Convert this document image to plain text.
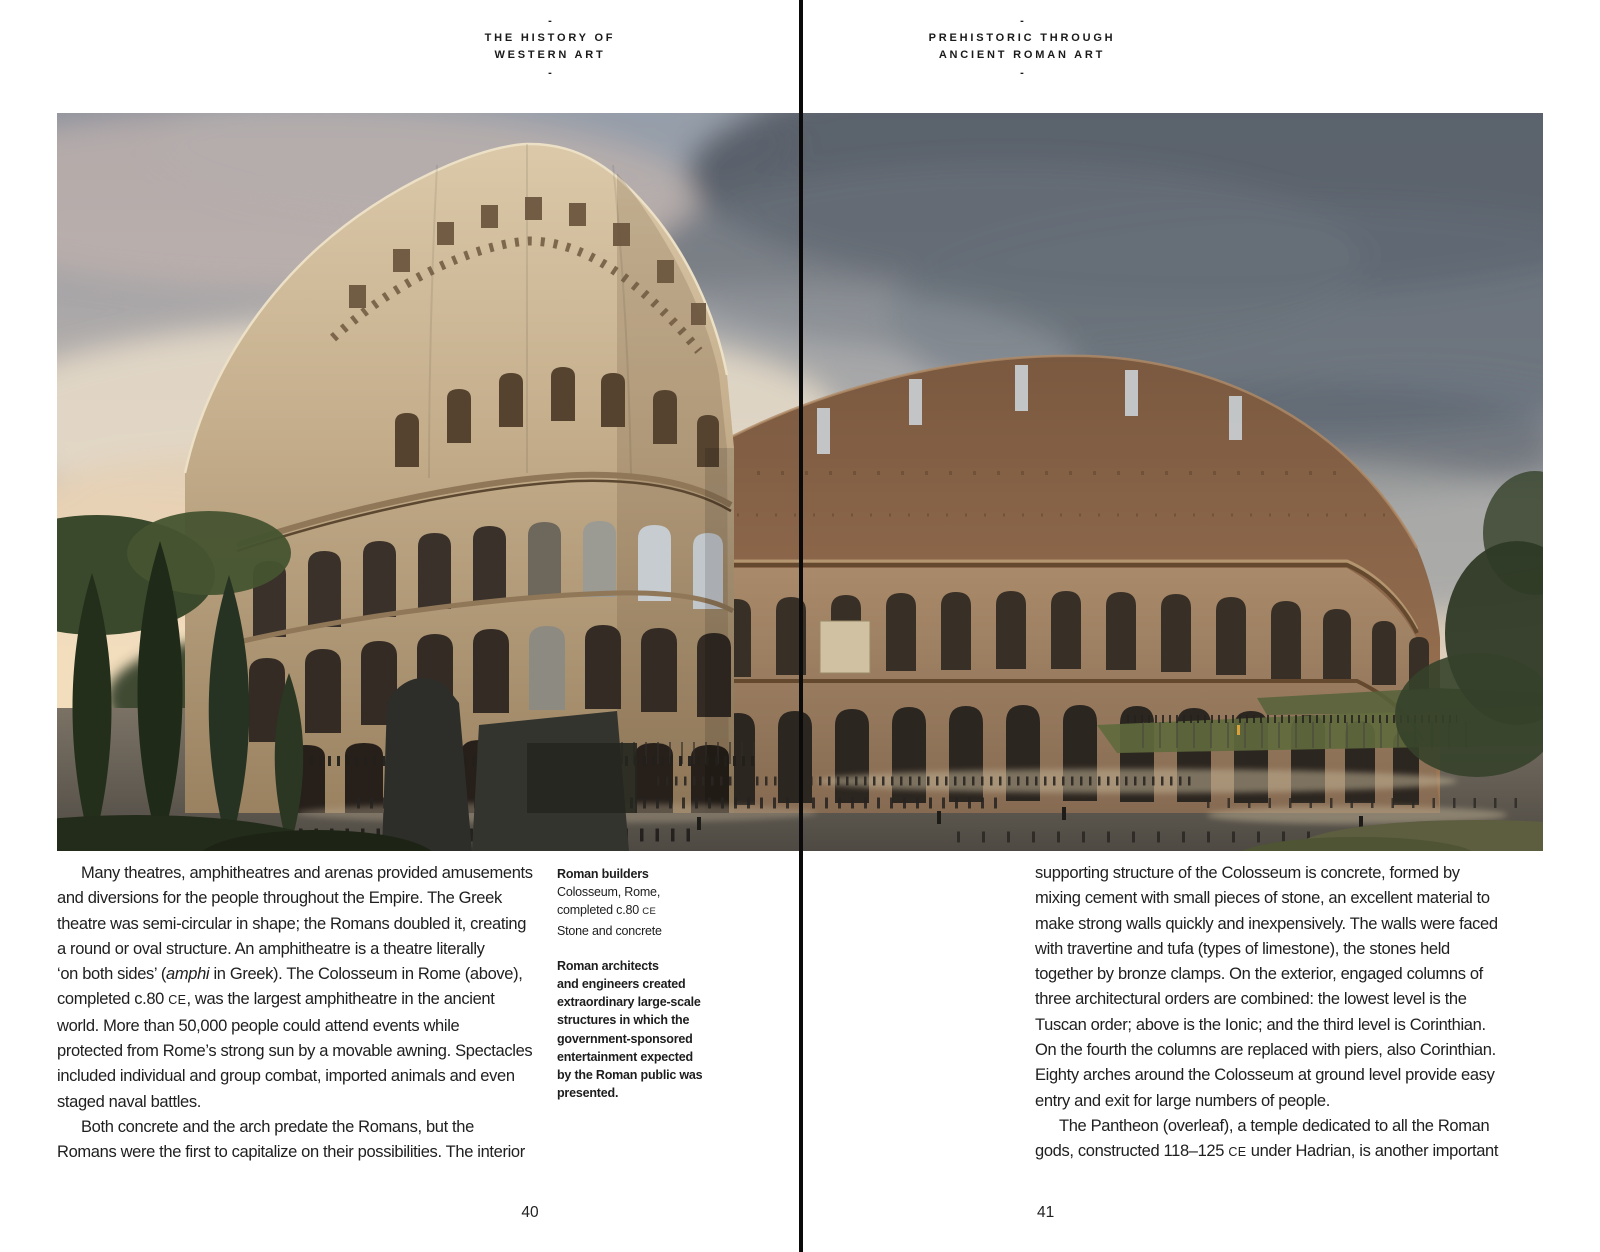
-
THE HISTORY OF
WESTERN ART
-
-
PREHISTORIC THROUGH
ANCIENT ROMAN ART
-
Many theatres, amphitheatres and arenas provided amusements
and diversions for the people throughout the Empire. The Greek
theatre was semi-circular in shape; the Romans doubled it, creating
a round or oval structure. An amphitheatre is a theatre literally
‘on both sides’ (amphi in Greek). The Colosseum in Rome (above),
completed c.80 CE, was the largest amphitheatre in the ancient
world. More than 50,000 people could attend events while
protected from Rome’s strong sun by a movable awning. Spectacles
included individual and group combat, imported animals and even
staged naval battles.
Both concrete and the arch predate the Romans, but the
Romans were the first to capitalize on their possibilities. The interior
Roman builders
Colosseum, Rome,
completed c.80 CE
Stone and concrete
Roman architects
and engineers created
extraordinary large-scale
structures in which the
government-sponsored
entertainment expected
by the Roman public was
presented.
supporting structure of the Colosseum is concrete, formed by
mixing cement with small pieces of stone, an excellent material to
make strong walls quickly and inexpensively. The walls were faced
with travertine and tufa (types of limestone), the stones held
together by bronze clamps. On the exterior, engaged columns of
three architectural orders are combined: the lowest level is the
Tuscan order; above is the Ionic; and the third level is Corinthian.
On the fourth the columns are replaced with piers, also Corinthian.
Eighty arches around the Colosseum at ground level provide easy
entry and exit for large numbers of people.
The Pantheon (overleaf), a temple dedicated to all the Roman
gods, constructed 118–125 CE under Hadrian, is another important
40	41
